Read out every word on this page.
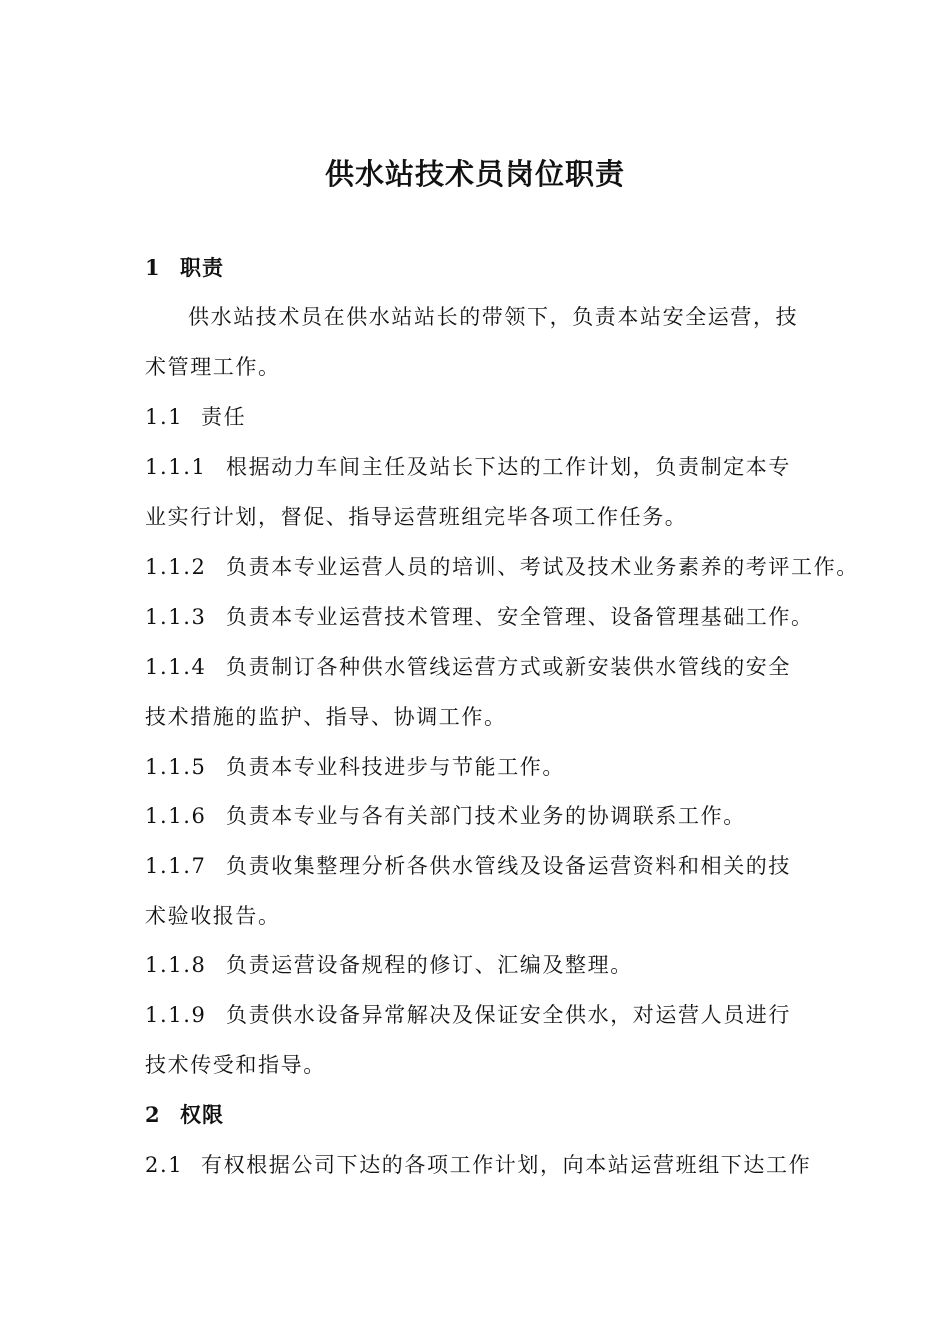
供水站技术员岗位职责
1 职责
供水站技术员在供水站站长的带领下，负责本站安全运营，技
术管理工作。
1.1 责任
1.1.1 根据动力车间主任及站长下达的工作计划，负责制定本专
业实行计划，督促、指导运营班组完毕各项工作任务。
1.1.2 负责本专业运营人员的培训、考试及技术业务素养的考评工作。
1.1.3 负责本专业运营技术管理、安全管理、设备管理基础工作。
1.1.4 负责制订各种供水管线运营方式或新安装供水管线的安全
技术措施的监护、指导、协调工作。
1.1.5 负责本专业科技进步与节能工作。
1.1.6 负责本专业与各有关部门技术业务的协调联系工作。
1.1.7 负责收集整理分析各供水管线及设备运营资料和相关的技
术验收报告。
1.1.8 负责运营设备规程的修订、汇编及整理。
1.1.9 负责供水设备异常解决及保证安全供水，对运营人员进行
技术传受和指导。
2 权限
2.1 有权根据公司下达的各项工作计划，向本站运营班组下达工作
